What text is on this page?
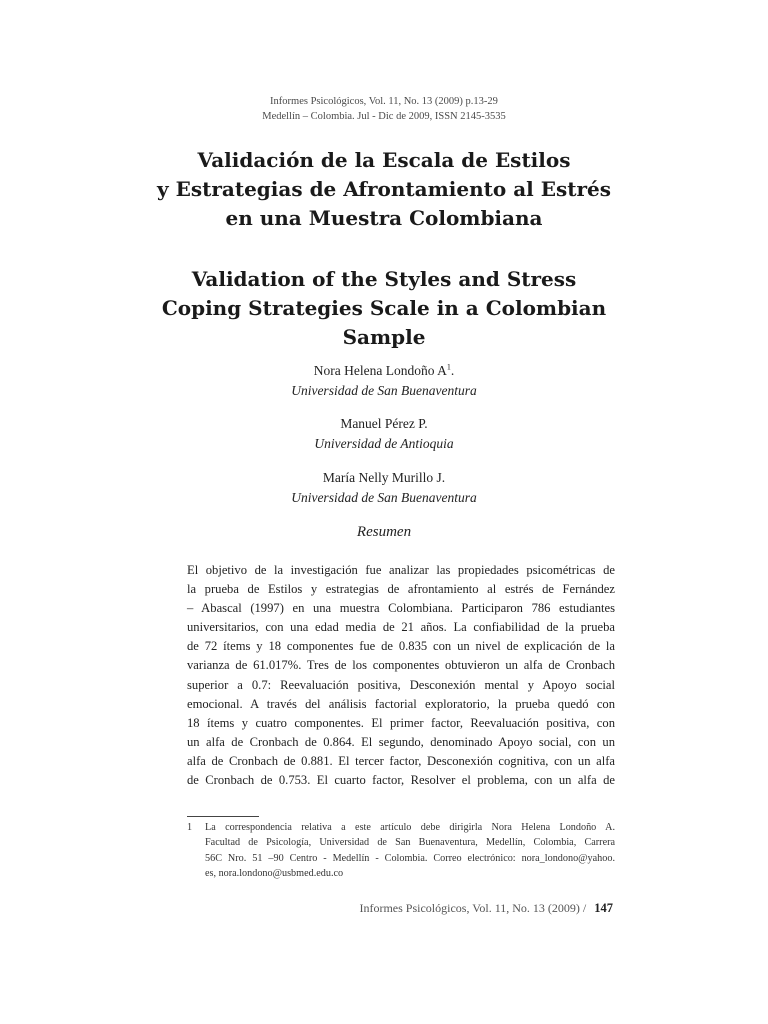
Informes Psicológicos, Vol. 11, No. 13 (2009) p.13-29
Medellín – Colombia. Jul - Dic de 2009, ISSN 2145-3535
Validación de la Escala de Estilos
y Estrategias de Afrontamiento al Estrés
en una Muestra Colombiana
Validation of the Styles and Stress
Coping Strategies Scale in a Colombian
Sample
Nora Helena Londoño $A^1$.
Universidad de San Buenaventura
Manuel Pérez P.
Universidad de Antioquia
María Nelly Murillo J.
Universidad de San Buenaventura
Resumen
El objetivo de la investigación fue analizar las propiedades psicométricas de
la prueba de Estilos y estrategias de afrontamiento al estrés de Fernández
– Abascal (1997) en una muestra Colombiana. Participaron 786 estudiantes
universitarios, con una edad media de 21 años. La confiabilidad de la prueba
de 72 ítems y 18 componentes fue de 0.835 con un nivel de explicación de la
varianza de 61.017%. Tres de los componentes obtuvieron un alfa de Cronbach
superior a 0.7: Reevaluación positiva, Desconexión mental y Apoyo social
emocional. A través del análisis factorial exploratorio, la prueba quedó con
18 ítems y cuatro componentes. El primer factor, Reevaluación positiva, con
un alfa de Cronbach de 0.864. El segundo, denominado Apoyo social, con un
alfa de Cronbach de 0.881. El tercer factor, Desconexión cognitiva, con un alfa
de Cronbach de 0.753. El cuarto factor, Resolver el problema, con un alfa de
1 La correspondencia relativa a este artículo debe dirigirla Nora Helena Londoño A.
Facultad de Psicología, Universidad de San Buenaventura, Medellín, Colombia, Carrera
56C Nro. 51 –90 Centro - Medellín - Colombia. Correo electrónico: nora_londono@yahoo.
es, nora.londono@usbmed.edu.co
Informes Psicológicos, Vol. 11, No. 13 (2009) / 147
